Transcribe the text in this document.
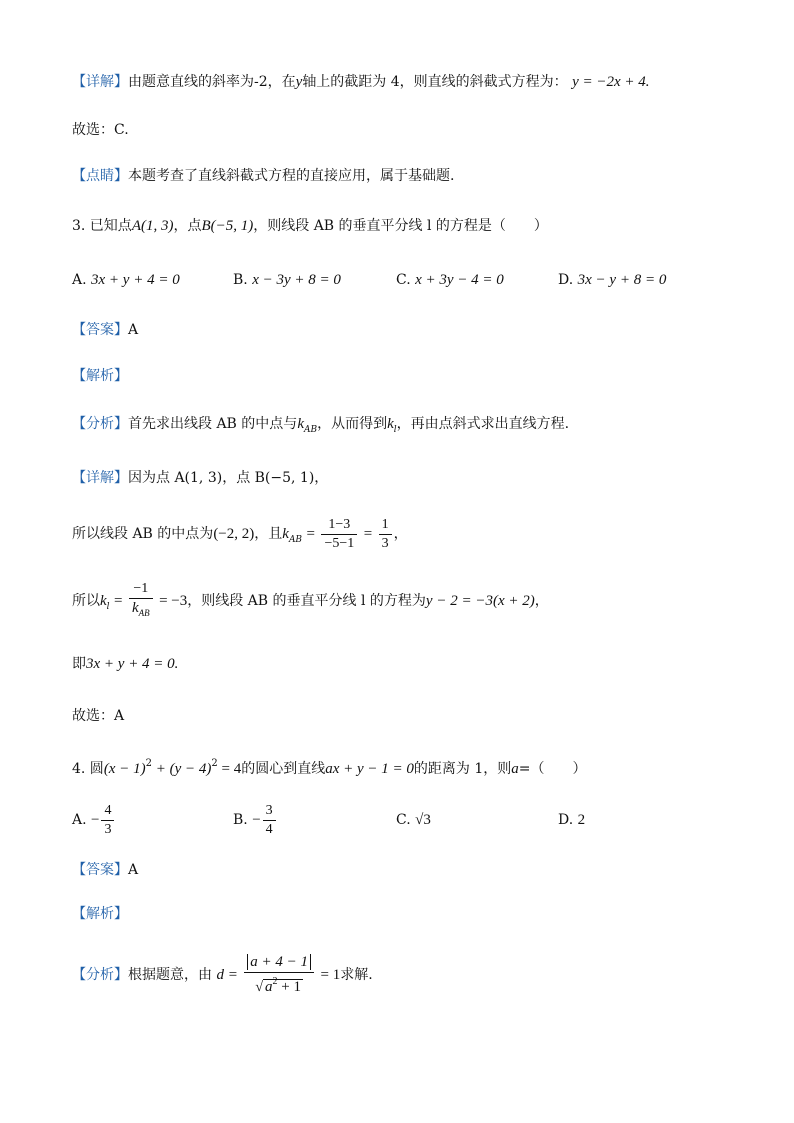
【详解】由题意直线的斜率为-2，在y轴上的截距为 4，则直线的斜截式方程为： y = −2x + 4.
故选：C.
【点睛】本题考查了直线斜截式方程的直接应用，属于基础题.
3. 已知点A(1, 3)，点B(−5, 1)，则线段 AB 的垂直平分线 l 的方程是（　　）
A. 3x + y + 4 = 0	B. x − 3y + 8 = 0	C. x + 3y − 4 = 0	D. 3x − y + 8 = 0
【答案】A
【解析】
【分析】首先求出线段 AB 的中点与$k_{AB}$，从而得到$k_l$，再由点斜式求出直线方程.
【详解】因为点 A(1, 3)，点 B(−5, 1)，
所以线段 AB 的中点为(−2, 2)，且$k_{AB} = \frac{1-3}{-5-1} = \frac{1}{3}$ ，
所以$k_l = \frac{-1}{k_{AB}} = -3$，则线段 AB 的垂直平分线 l 的方程为y − 2 = −3(x + 2)，
即3x + y + 4 = 0.
故选：A
4. 圆$(x - 1)^2 + (y - 4)^2 = 4$的圆心到直线ax + y − 1 = 0的距离为 1，则a=（　　）
A. − $\frac{4}{3}$	B. − $\frac{3}{4}$	C. √3	D. 2
【答案】A
【解析】
【分析】根据题意，由 $d = \frac{a + 4 - 1}{√ a^2 + 1} = 1$求解.
